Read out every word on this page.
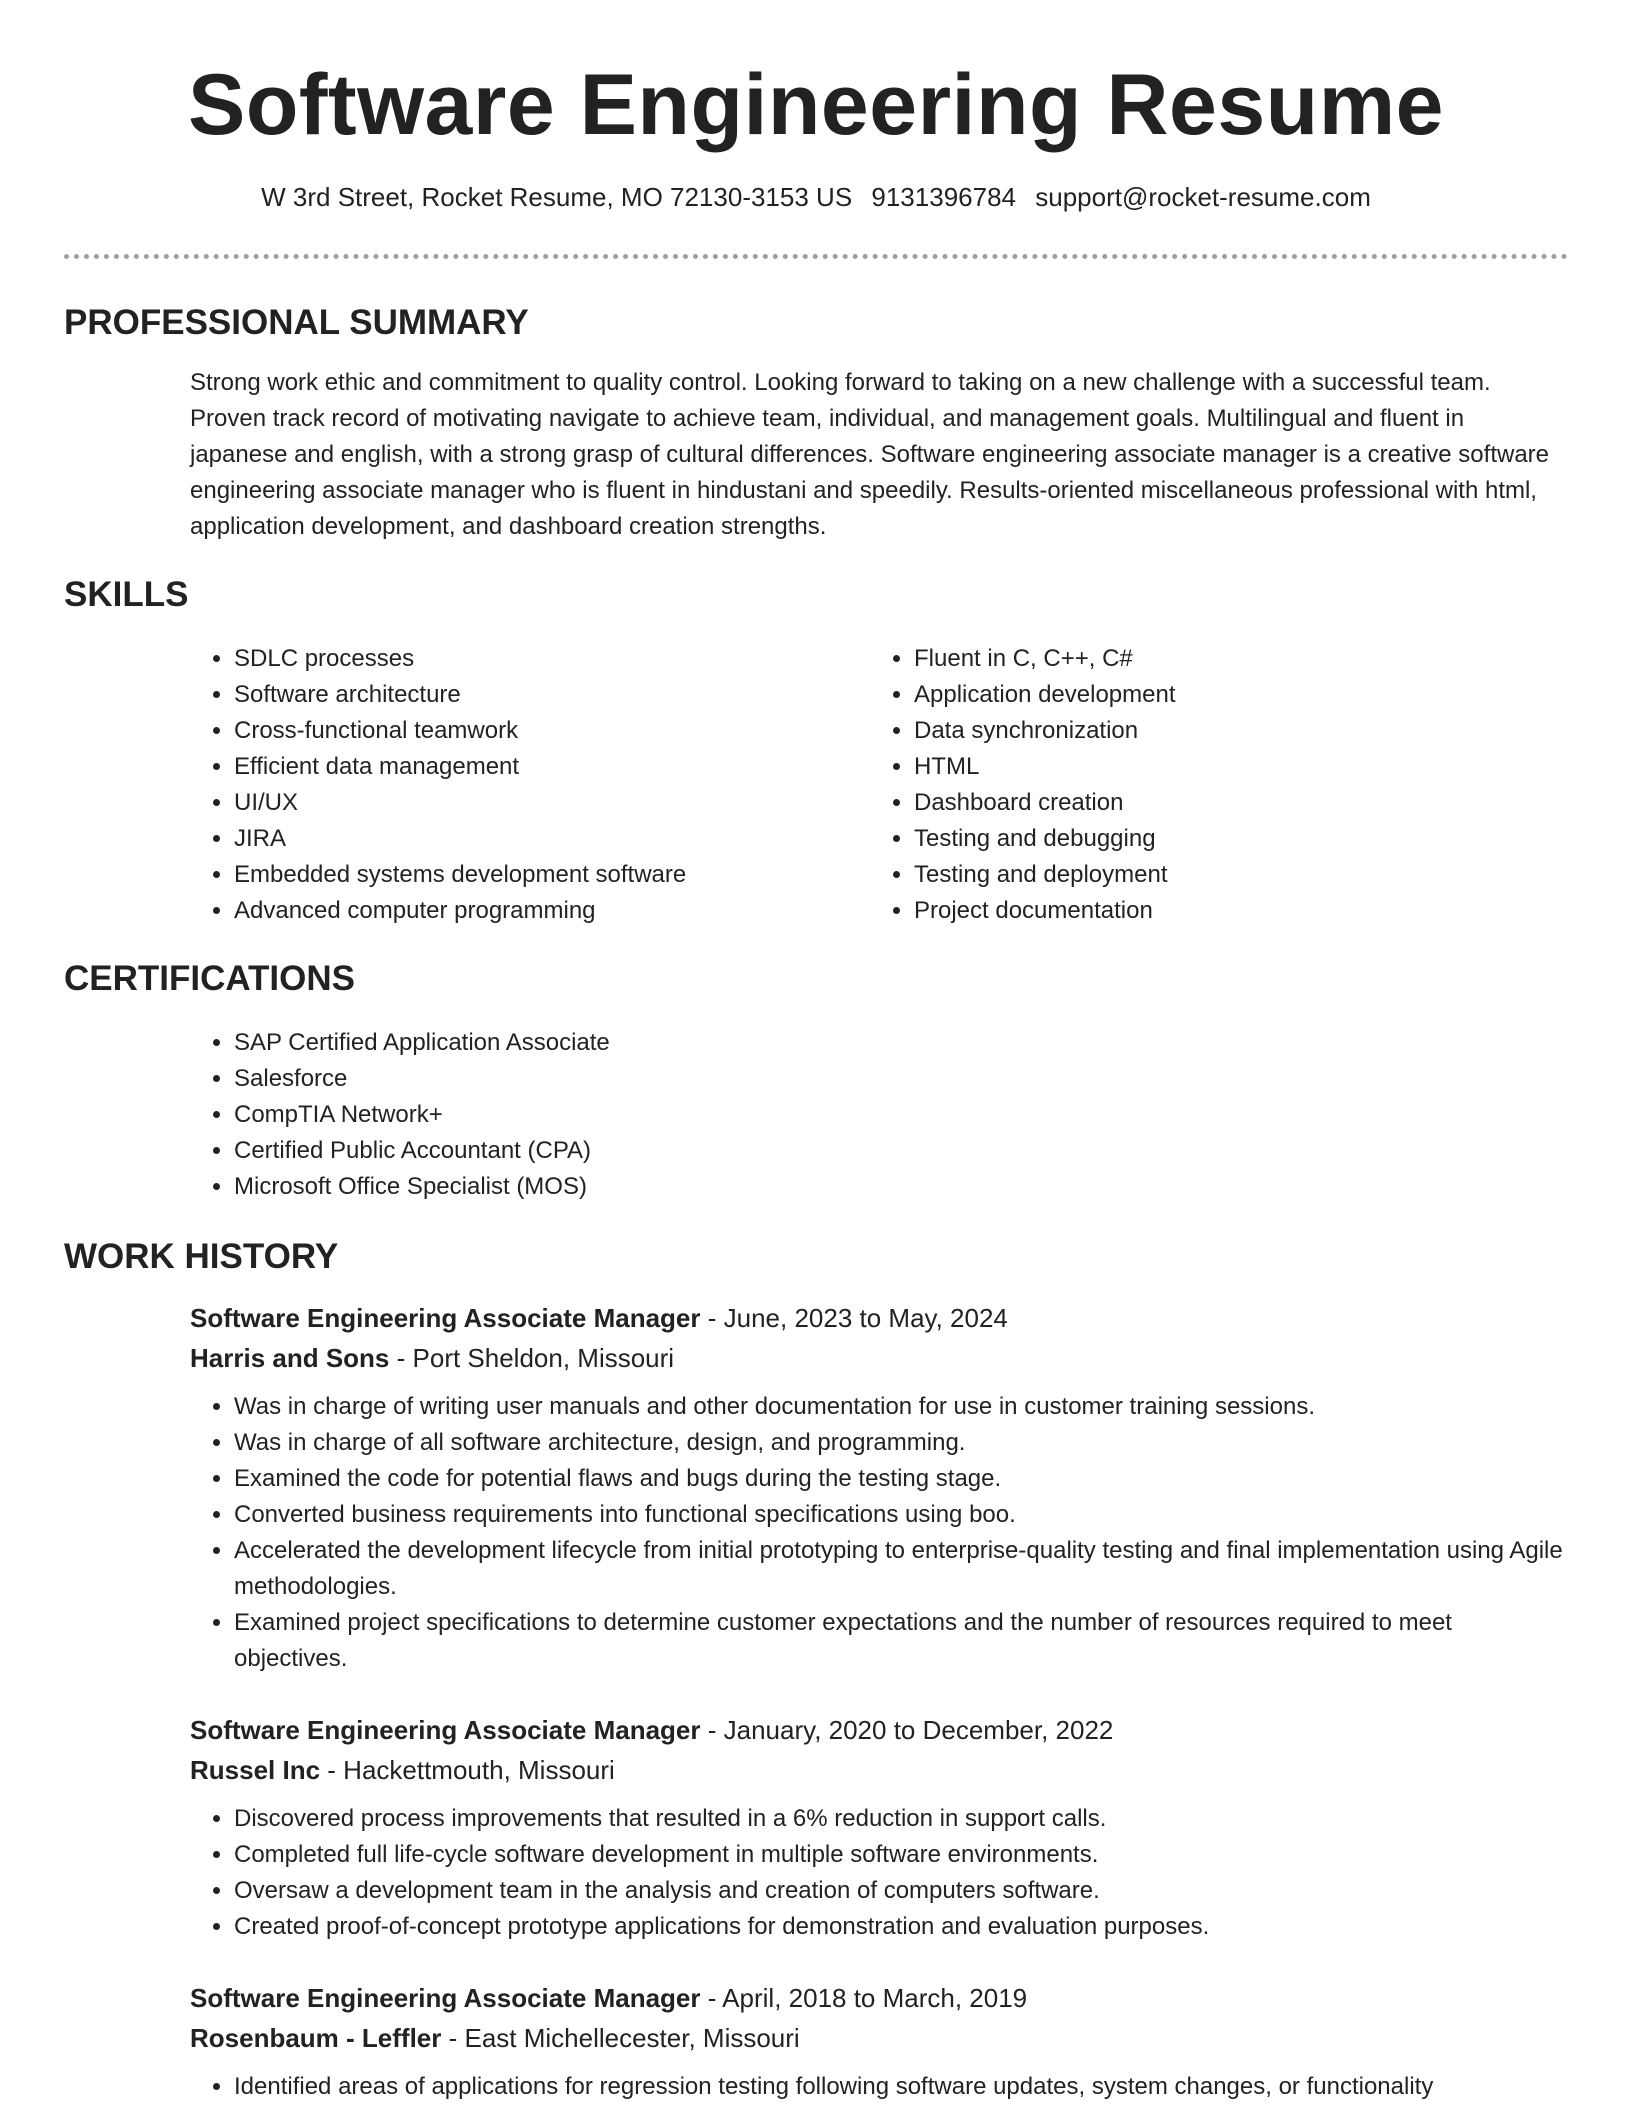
Software Engineering Resume
W 3rd Street, Rocket Resume, MO 72130-3153 US 9131396784 support@rocket-resume.com
PROFESSIONAL SUMMARY

Strong work ethic and commitment to quality control. Looking forward to taking on a new challenge with a successful team. Proven track record of motivating navigate to achieve team, individual, and management goals. Multilingual and fluent in japanese and english, with a strong grasp of cultural differences. Software engineering associate manager is a creative software engineering associate manager who is fluent in hindustani and speedily. Results-oriented miscellaneous professional with html, application development, and dashboard creation strengths.

SKILLS
• SDLC processes
• Software architecture
• Cross-functional teamwork
• Efficient data management
• UI/UX
• JIRA
• Embedded systems development software
• Advanced computer programming
• Fluent in C, C++, C#
• Application development
• Data synchronization
• HTML
• Dashboard creation
• Testing and debugging
• Testing and deployment
• Project documentation
CERTIFICATIONS
• SAP Certified Application Associate
• Salesforce
• CompTIA Network+
• Certified Public Accountant (CPA)
• Microsoft Office Specialist (MOS)
WORK HISTORY
Software Engineering Associate Manager - June, 2023 to May, 2024
Harris and Sons - Port Sheldon, Missouri
• Was in charge of writing user manuals and other documentation for use in customer training sessions.
• Was in charge of all software architecture, design, and programming.
• Examined the code for potential flaws and bugs during the testing stage.
• Converted business requirements into functional specifications using boo.
• Accelerated the development lifecycle from initial prototyping to enterprise-quality testing and final implementation using Agile methodologies.
• Examined project specifications to determine customer expectations and the number of resources required to meet objectives.
Software Engineering Associate Manager - January, 2020 to December, 2022
Russel Inc - Hackettmouth, Missouri
• Discovered process improvements that resulted in a 6% reduction in support calls.
• Completed full life-cycle software development in multiple software environments.
• Oversaw a development team in the analysis and creation of computers software.
• Created proof-of-concept prototype applications for demonstration and evaluation purposes.
Software Engineering Associate Manager - April, 2018 to March, 2019
Rosenbaum - Leffler - East Michellecester, Missouri
• Identified areas of applications for regression testing following software updates, system changes, or functionality
